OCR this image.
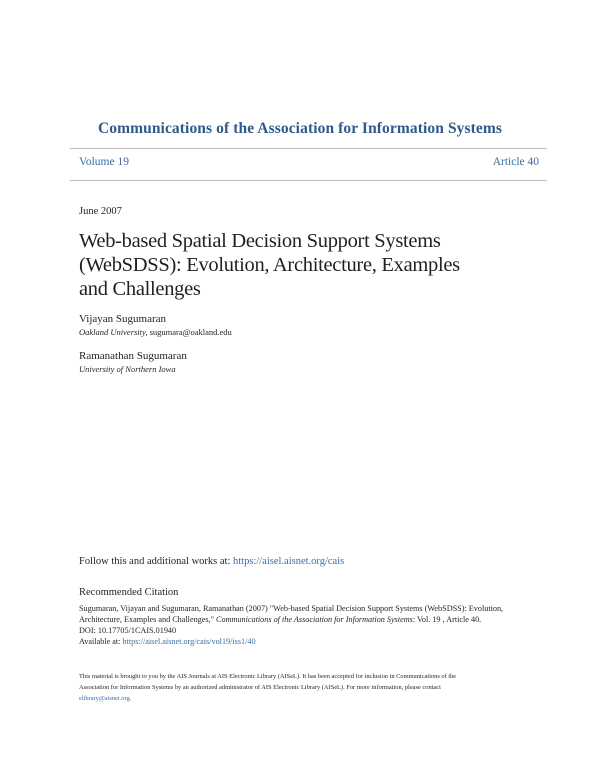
Communications of the Association for Information Systems
Volume 19	Article 40
June 2007
Web-based Spatial Decision Support Systems
(WebSDSS): Evolution, Architecture, Examples
and Challenges
Vijayan Sugumaran
Oakland University, sugumara@oakland.edu
Ramanathan Sugumaran
University of Northern Iowa
Follow this and additional works at: https://aisel.aisnet.org/cais
Recommended Citation
Sugumaran, Vijayan and Sugumaran, Ramanathan (2007) "Web-based Spatial Decision Support Systems (WebSDSS): Evolution,
Architecture, Examples and Challenges," Communications of the Association for Information Systems: Vol. 19 , Article 40.
DOI: 10.17705/1CAIS.01940
Available at: https://aisel.aisnet.org/cais/vol19/iss1/40
This material is brought to you by the AIS Journals at AIS Electronic Library (AISeL). It has been accepted for inclusion in Communications of the
Association for Information Systems by an authorized administrator of AIS Electronic Library (AISeL). For more information, please contact
elibrary@aisnet.org.
